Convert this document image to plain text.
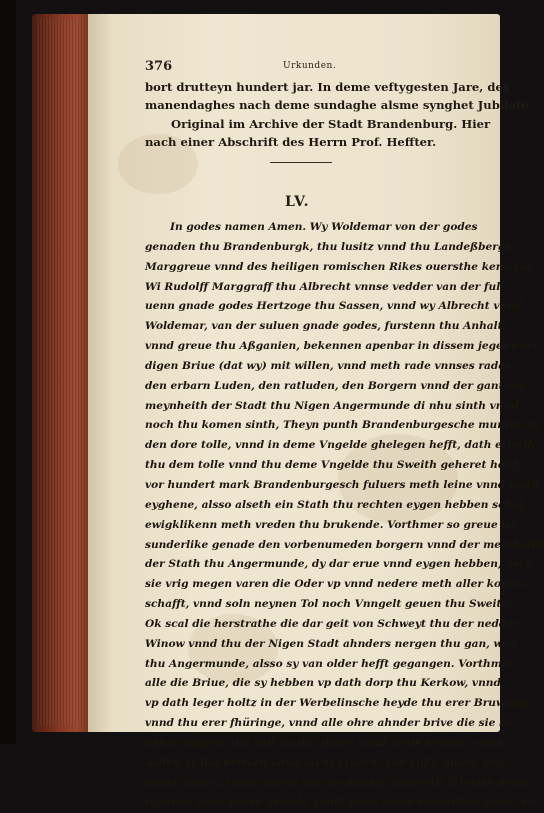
376	Urkunden.
bort drutteyn hundert jar. In deme veftygesten Jare, des
manendaghes nach deme sundaghe alsme synghet Jubilate.
Original im Archive der Stadt Brandenburg. Hier
nach einer Abschrift des Herrn Prof. Heffter.
LV.
In godes namen Amen. Wy Woldemar von der godes
genaden thu Brandenburgk, thu lusitz vnnd thu Landeßbergh
Marggreue vnnd des heiligen romischen Rikes ouersthe kemerer,
Wi Rudolff Marggraff thu Albrecht vnnse vedder van der ful-
uenn gnade godes Hertzoge thu Sassen, vnnd wy Albrecht vnnd
Woldemar, van der suluen gnade godes, furstenn thu Anhalt
vnnd greue thu Aßganien, bekennen apenbar in dissem jegenwor-
digen Briue (dat wy) mit willen, vnnd meth rade vnnses rades
den erbarn Luden, den ratluden, den Borgern vnnd der gantzen
meynheith der Stadt thu Nigen Angermunde di nhu sinth vnnd
noch thu komen sinth, Theyn punth Brandenburgesche munthe in
den dore tolle, vnnd in deme Vngelde ghelegen hefft, dath erewile
thu dem tolle vnnd thu deme Vngelde thu Sweith geheret hefft,
vor hundert mark Brandenburgesch fuluers meth leine vnnd meth
eyghene, alsso alseth ein Stath thu rechten eygen hebben schal,
ewigklikenn meth vreden thu brukende. Vorthmer so greue wy
sunderlike genade den vorbenumeden borgern vnnd der meinheith
der Stath thu Angermunde, dy dar erue vnnd eygen hebben, dath
sie vrig megen varen die Oder vp vnnd nedere meth aller kopen-
schafft, vnnd soln neynen Tol noch Vnngelt geuen thu Sweith.
Ok scal die herstrathe die dar geit von Schweyt thu der nedder
Winow vnnd thu der Nigen Stadt ahnders nergen thu gan, wan
thu Angermunde, alsso sy van older hefft gegangen. Vorthmer
alle die Briue, die sy hebben vp dath dorp thu Kerkow, vnnd
vp dath leger holtz in der Werbelinsche heyde thu erer Bruwinge
vnnd thu erer fhüringe, vnnd alle ohre ahnder brive die sie be-
wißen megen, die will wy ihn ffaste vnnd stede holden, vnnd
willen sy ihn bettern vnnd nicht ergern, vnd vnße gnade ehn
mede deylen, vund meren war wy mestep by werth (?) dath desse
legunge vnnd desse genade gantz vnnd stede ewichliken bliue, so
